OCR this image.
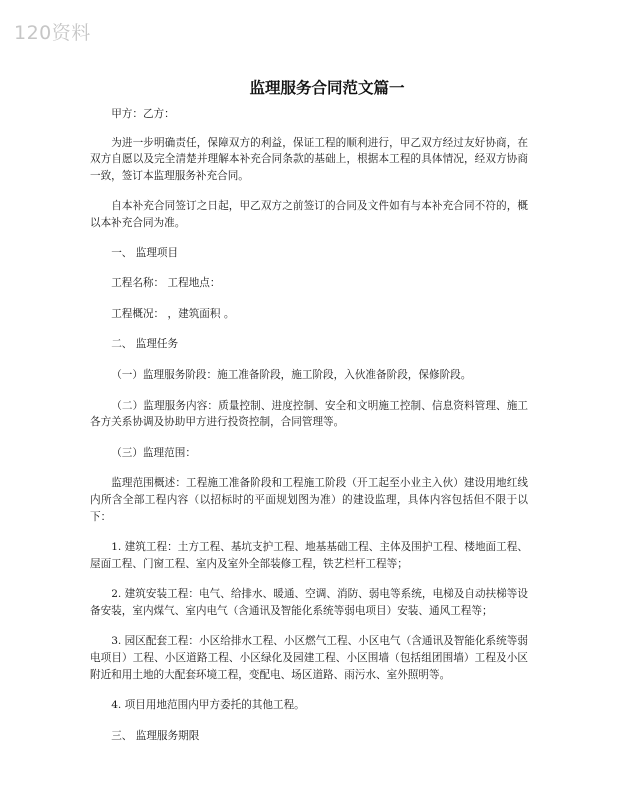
120资料
监理服务合同范文篇一

甲方：乙方：

为进一步明确责任，保障双方的利益，保证工程的顺利进行，甲乙双方经过友好协商，在双方自愿以及完全清楚并理解本补充合同条款的基础上，根据本工程的具体情况，经双方协商一致，签订本监理服务补充合同。

自本补充合同签订之日起，甲乙双方之前签订的合同及文件如有与本补充合同不符的，概以本补充合同为准。

一、 监理项目

工程名称： 工程地点：

工程概况： ，建筑面积 。

二、 监理任务

（一）监理服务阶段：施工准备阶段，施工阶段，入伙准备阶段，保修阶段。

（二）监理服务内容：质量控制、进度控制、安全和文明施工控制、信息资料管理、施工各方关系协调及协助甲方进行投资控制，合同管理等。

（三）监理范围：

监理范围概述：工程施工准备阶段和工程施工阶段（开工起至小业主入伙）建设用地红线内所含全部工程内容（以招标时的平面规划图为准）的建设监理，具体内容包括但不限于以下：

1. 建筑工程：土方工程、基坑支护工程、地基基础工程、主体及围护工程、楼地面工程、屋面工程、门窗工程、室内及室外全部装修工程，铁艺栏杆工程等；

2. 建筑安装工程：电气、给排水、暖通、空调、消防、弱电等系统，电梯及自动扶梯等设备安装，室内煤气、室内电气（含通讯及智能化系统等弱电项目）安装、通风工程等；

3. 园区配套工程：小区给排水工程、小区燃气工程、小区电气（含通讯及智能化系统等弱电项目）工程、小区道路工程、小区绿化及园建工程、小区围墙（包括组团围墙）工程及小区附近和用土地的大配套环境工程，变配电、场区道路、雨污水、室外照明等。

4. 项目用地范围内甲方委托的其他工程。

三、 监理服务期限
